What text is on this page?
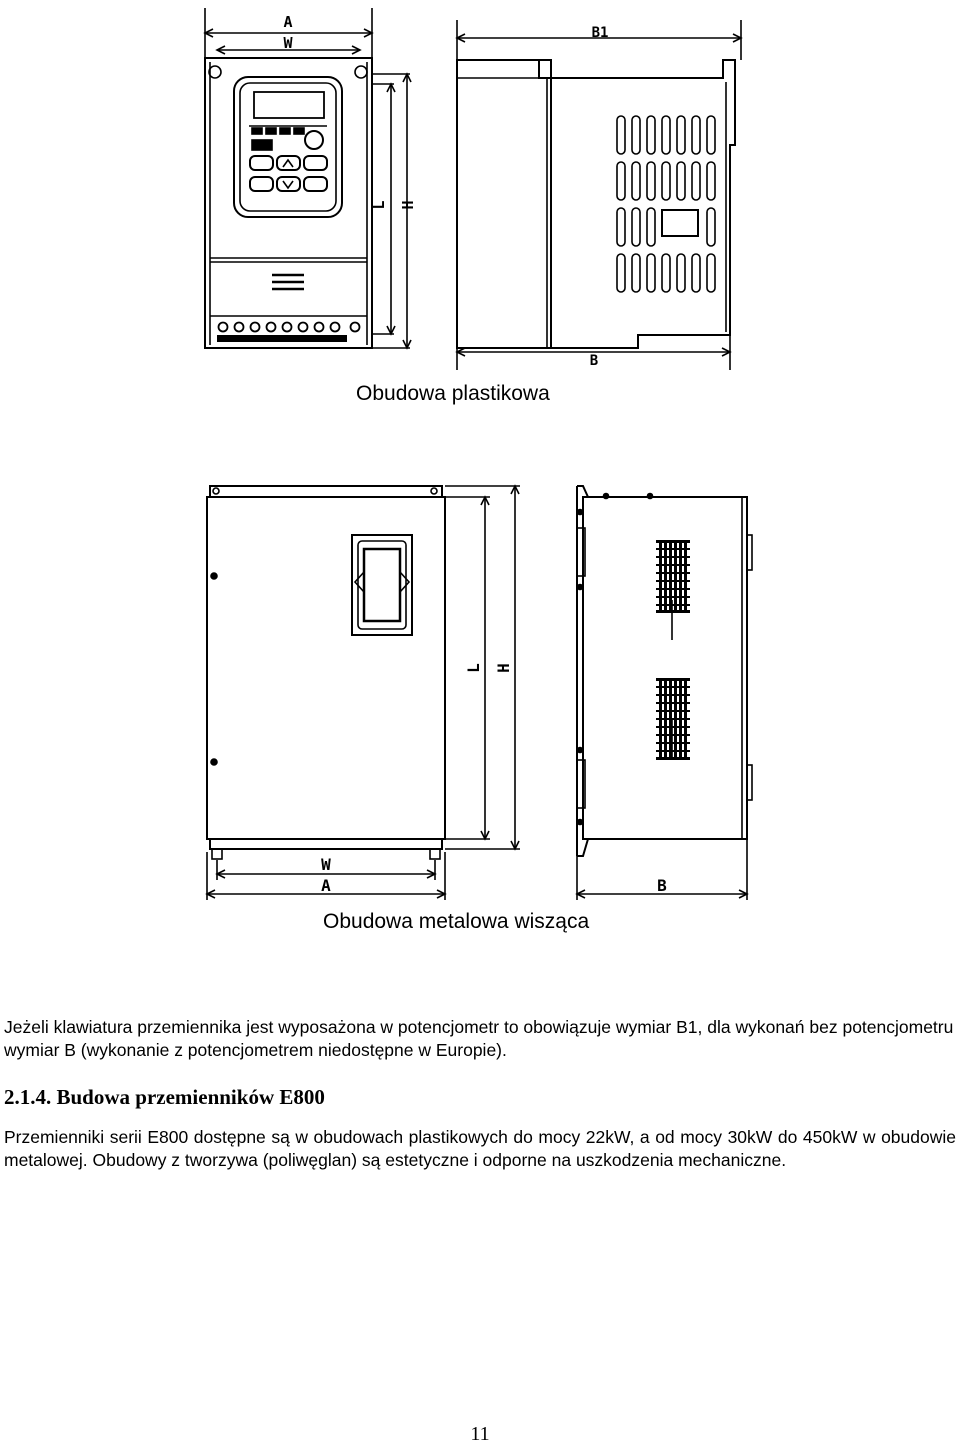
A
W
B1
B
L H
Obudowa plastikowa
W
A	B
L H
Obudowa metalowa wisząca
Jeżeli klawiatura przemiennika jest wyposażona w potencjometr to obowiązuje wymiar B1, dla wykonań bez potencjometru wymiar B (wykonanie z potencjometrem niedostępne w Europie).
2.1.4. Budowa przemienników E800
Przemienniki serii E800 dostępne są w obudowach plastikowych do mocy 22kW, a od mocy 30kW do 450kW w obudowie metalowej. Obudowy z tworzywa (poliwęglan) są estetyczne i odporne na uszkodzenia mechaniczne.
11
